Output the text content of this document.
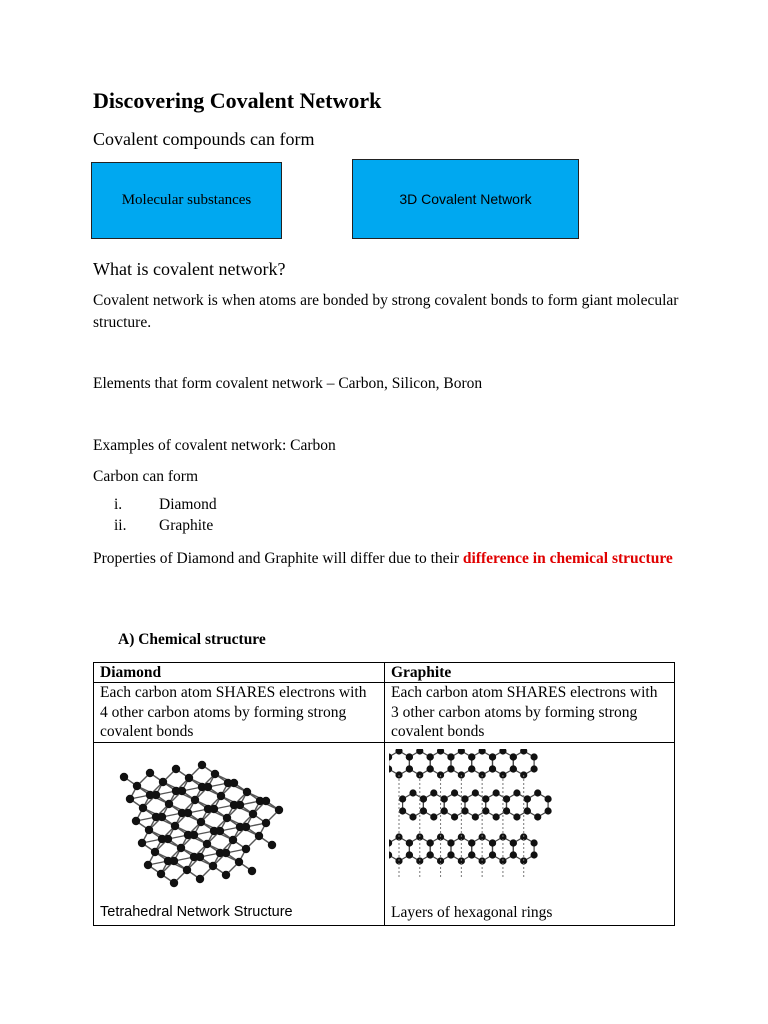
Discovering Covalent Network
Covalent compounds can form
Molecular substances	3D Covalent Network
What is covalent network?
Covalent network is when atoms are bonded by strong covalent bonds to form giant molecular structure.
Elements that form covalent network – Carbon, Silicon, Boron
Examples of covalent network: Carbon
Carbon can form
i. Diamond
ii. Graphite
Properties of Diamond and Graphite will differ due to their difference in chemical structure
A) Chemical structure
Diamond	Graphite
Each carbon atom SHARES electrons with 4 other carbon atoms by forming strong covalent bonds	Each carbon atom SHARES electrons with 3 other carbon atoms by forming strong covalent bonds

Tetrahedral Network Structure	Layers of hexagonal rings
